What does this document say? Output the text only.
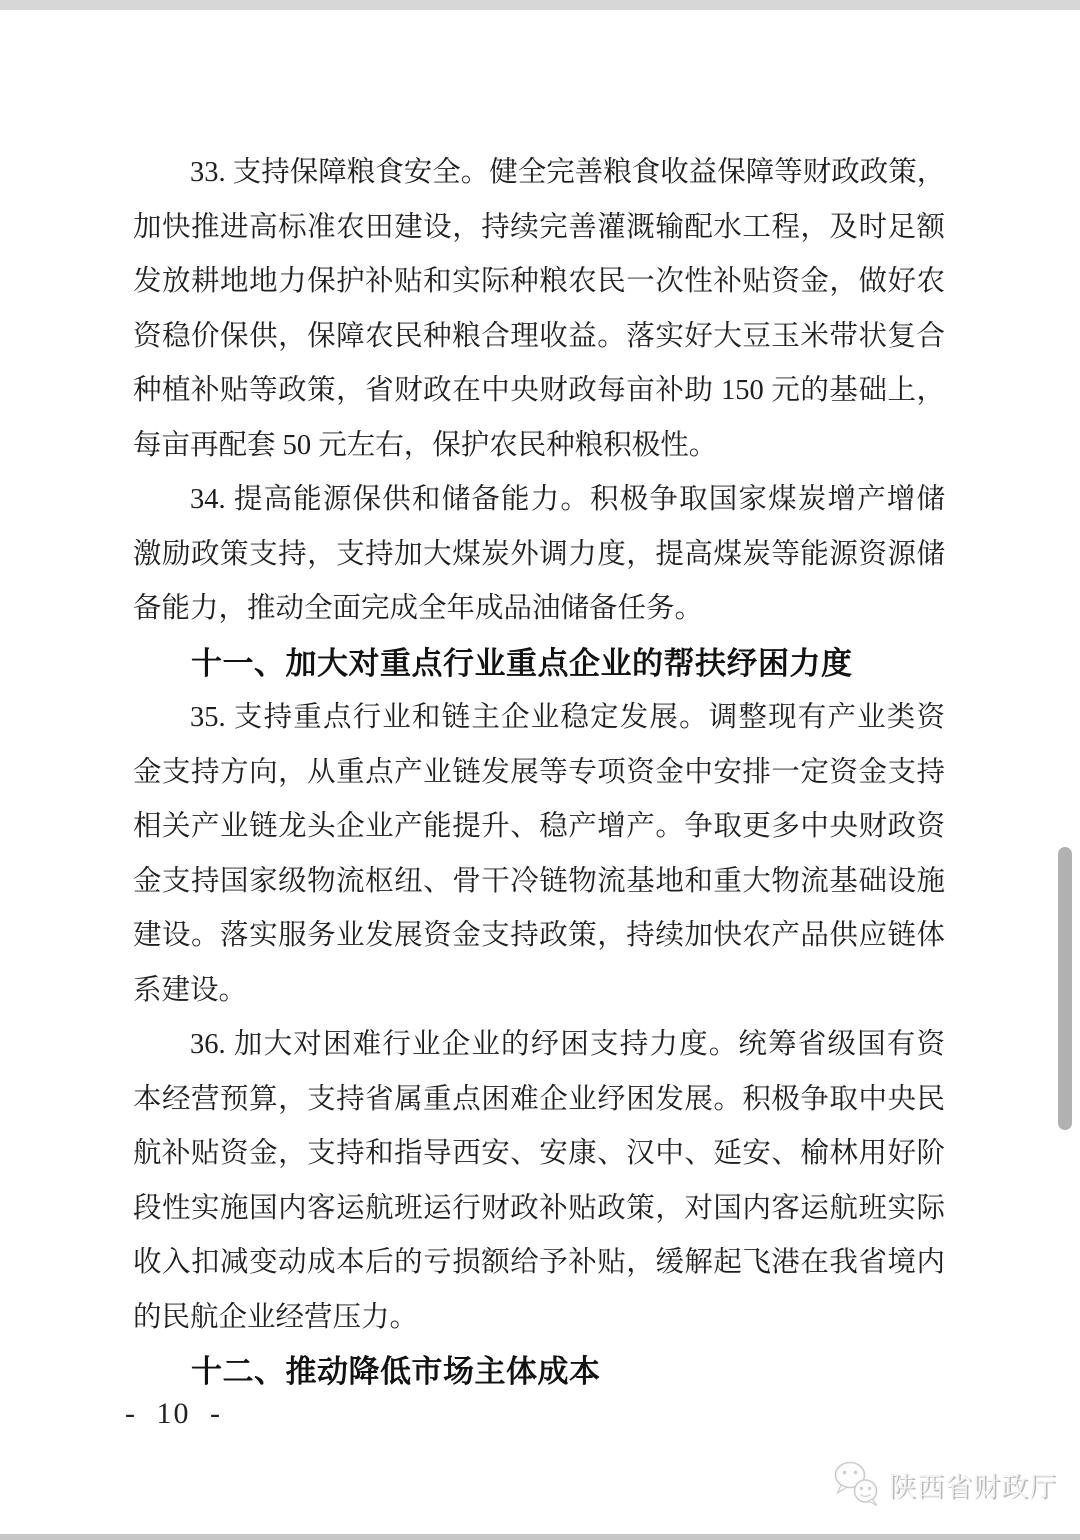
33. 支持保障粮食安全。健全完善粮食收益保障等财政政策，
加快推进高标准农田建设，持续完善灌溉输配水工程，及时足额
发放耕地地力保护补贴和实际种粮农民一次性补贴资金，做好农
资稳价保供，保障农民种粮合理收益。落实好大豆玉米带状复合
种植补贴等政策，省财政在中央财政每亩补助 150 元的基础上，
每亩再配套 50 元左右，保护农民种粮积极性。
34. 提高能源保供和储备能力。积极争取国家煤炭增产增储
激励政策支持，支持加大煤炭外调力度，提高煤炭等能源资源储
备能力，推动全面完成全年成品油储备任务。
十一、加大对重点行业重点企业的帮扶纾困力度
35. 支持重点行业和链主企业稳定发展。调整现有产业类资
金支持方向，从重点产业链发展等专项资金中安排一定资金支持
相关产业链龙头企业产能提升、稳产增产。争取更多中央财政资
金支持国家级物流枢纽、骨干冷链物流基地和重大物流基础设施
建设。落实服务业发展资金支持政策，持续加快农产品供应链体
系建设。
36. 加大对困难行业企业的纾困支持力度。统筹省级国有资
本经营预算，支持省属重点困难企业纾困发展。积极争取中央民
航补贴资金，支持和指导西安、安康、汉中、延安、榆林用好阶
段性实施国内客运航班运行财政补贴政策，对国内客运航班实际
收入扣减变动成本后的亏损额给予补贴，缓解起飞港在我省境内
的民航企业经营压力。
十二、推动降低市场主体成本
- 10 -
陕西省财政厅
